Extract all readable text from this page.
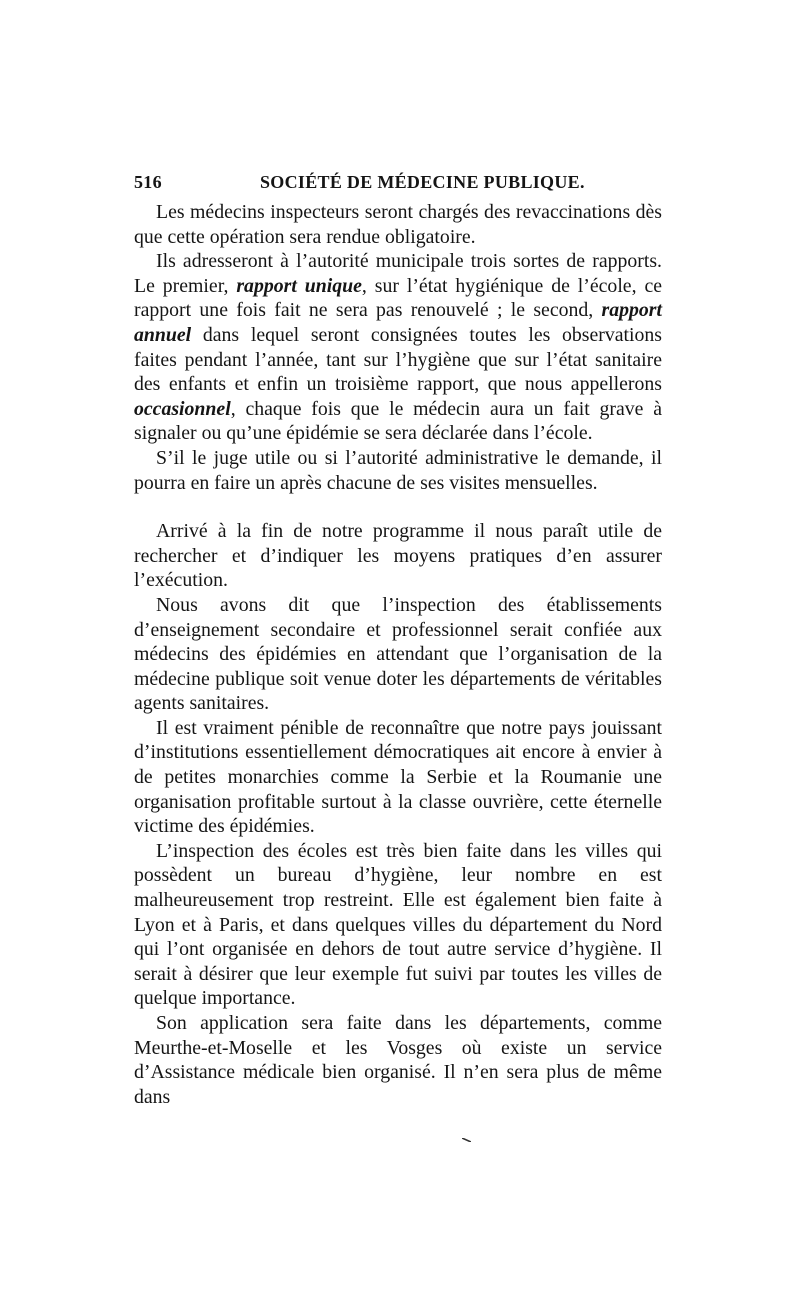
516	SOCIÉTÉ DE MÉDECINE PUBLIQUE.

Les médecins inspecteurs seront chargés des revaccinations dès que cette opération sera rendue obligatoire.

Ils adresseront à l’autorité municipale trois sortes de rapports. Le premier, rapport unique, sur l’état hygiénique de l’école, ce rapport une fois fait ne sera pas renouvelé ; le second, rapport annuel dans lequel seront consignées toutes les observations faites pendant l’année, tant sur l’hygiène que sur l’état sanitaire des enfants et enfin un troisième rapport, que nous appellerons occasionnel, chaque fois que le médecin aura un fait grave à signaler ou qu’une épidémie se sera déclarée dans l’école.

S’il le juge utile ou si l’autorité administrative le demande, il pourra en faire un après chacune de ses visites mensuelles.

Arrivé à la fin de notre programme il nous paraît utile de rechercher et d’indiquer les moyens pratiques d’en assurer l’exécution.

Nous avons dit que l’inspection des établissements d’enseignement secondaire et professionnel serait confiée aux médecins des épidémies en attendant que l’organisation de la médecine publique soit venue doter les départements de véritables agents sanitaires.

Il est vraiment pénible de reconnaître que notre pays jouissant d’institutions essentiellement démocratiques ait encore à envier à de petites monarchies comme la Serbie et la Roumanie une organisation profitable surtout à la classe ouvrière, cette éternelle victime des épidémies.

L’inspection des écoles est très bien faite dans les villes qui possèdent un bureau d’hygiène, leur nombre en est malheureusement trop restreint. Elle est également bien faite à Lyon et à Paris, et dans quelques villes du département du Nord qui l’ont organisée en dehors de tout autre service d’hygiène. Il serait à désirer que leur exemple fut suivi par toutes les villes de quelque importance.

Son application sera faite dans les départements, comme Meurthe-et-Moselle et les Vosges où existe un service d’Assistance médicale bien organisé. Il n’en sera plus de même dans
